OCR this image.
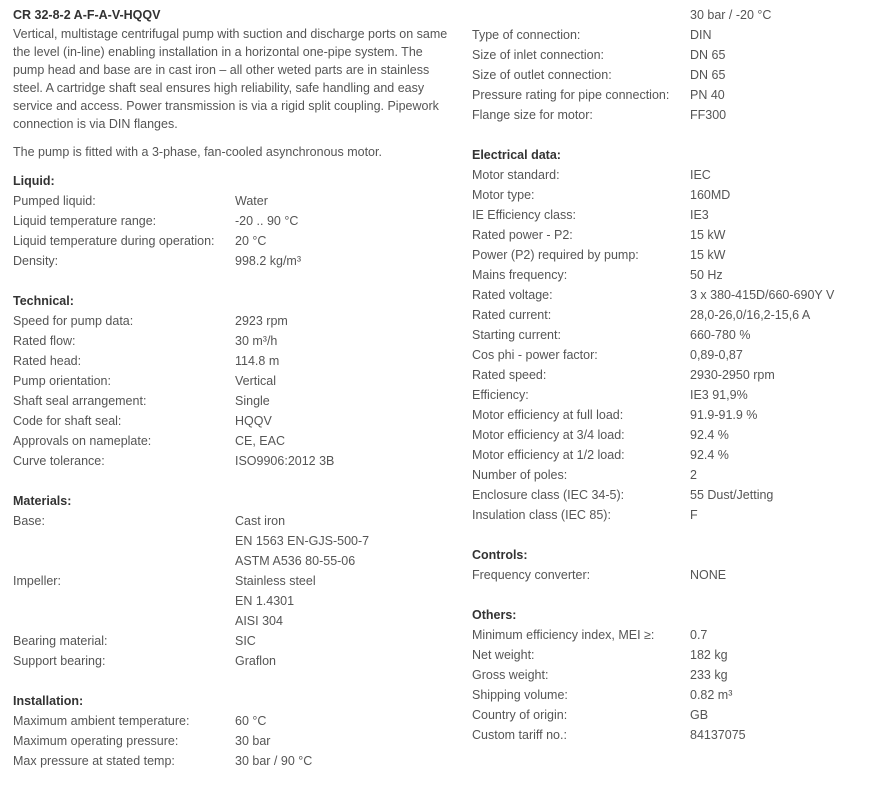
CR 32-8-2 A-F-A-V-HQQV

Vertical, multistage centrifugal pump with suction and discharge ports on same the level (in-line) enabling installation in a horizontal one-pipe system. The pump head and base are in cast iron – all other weted parts are in stainless steel. A cartridge shaft seal ensures high reliability, safe handling and easy service and access. Power transmission is via a rigid split coupling. Pipework connection is via DIN flanges.

The pump is fitted with a 3-phase, fan-cooled asynchronous motor.

Liquid:
Pumped liquid:	Water
Liquid temperature range:	-20 .. 90 °C
Liquid temperature during operation:	20 °C
Density:	998.2 kg/m³
Technical:
Speed for pump data:	2923 rpm
Rated flow:	30 m³/h
Rated head:	114.8 m
Pump orientation:	Vertical
Shaft seal arrangement:	Single
Code for shaft seal:	HQQV
Approvals on nameplate:	CE, EAC
Curve tolerance:	ISO9906:2012 3B
Materials:
Base:	Cast iron
EN 1563 EN-GJS-500-7
ASTM A536 80-55-06
Impeller:	Stainless steel
EN 1.4301
AISI 304
Bearing material:	SIC
Support bearing:	Graflon
Installation:
Maximum ambient temperature:	60 °C
Maximum operating pressure:	30 bar
Max pressure at stated temp:	30 bar / 90 °C
30 bar / -20 °C
Type of connection:	DIN
Size of inlet connection:	DN 65
Size of outlet connection:	DN 65
Pressure rating for pipe connection:	PN 40
Flange size for motor:	FF300
Electrical data:
Motor standard:	IEC
Motor type:	160MD
IE Efficiency class:	IE3
Rated power - P2:	15 kW
Power (P2) required by pump:	15 kW
Mains frequency:	50 Hz
Rated voltage:	3 x 380-415D/660-690Y V
Rated current:	28,0-26,0/16,2-15,6 A
Starting current:	660-780 %
Cos phi - power factor:	0,89-0,87
Rated speed:	2930-2950 rpm
Efficiency:	IE3 91,9%
Motor efficiency at full load:	91.9-91.9 %
Motor efficiency at 3/4 load:	92.4 %
Motor efficiency at 1/2 load:	92.4 %
Number of poles:	2
Enclosure class (IEC 34-5):	55 Dust/Jetting
Insulation class (IEC 85):	F
Controls:
Frequency converter:	NONE
Others:
Minimum efficiency index, MEI ≥:	0.7
Net weight:	182 kg
Gross weight:	233 kg
Shipping volume:	0.82 m³
Country of origin:	GB
Custom tariff no.:	84137075
